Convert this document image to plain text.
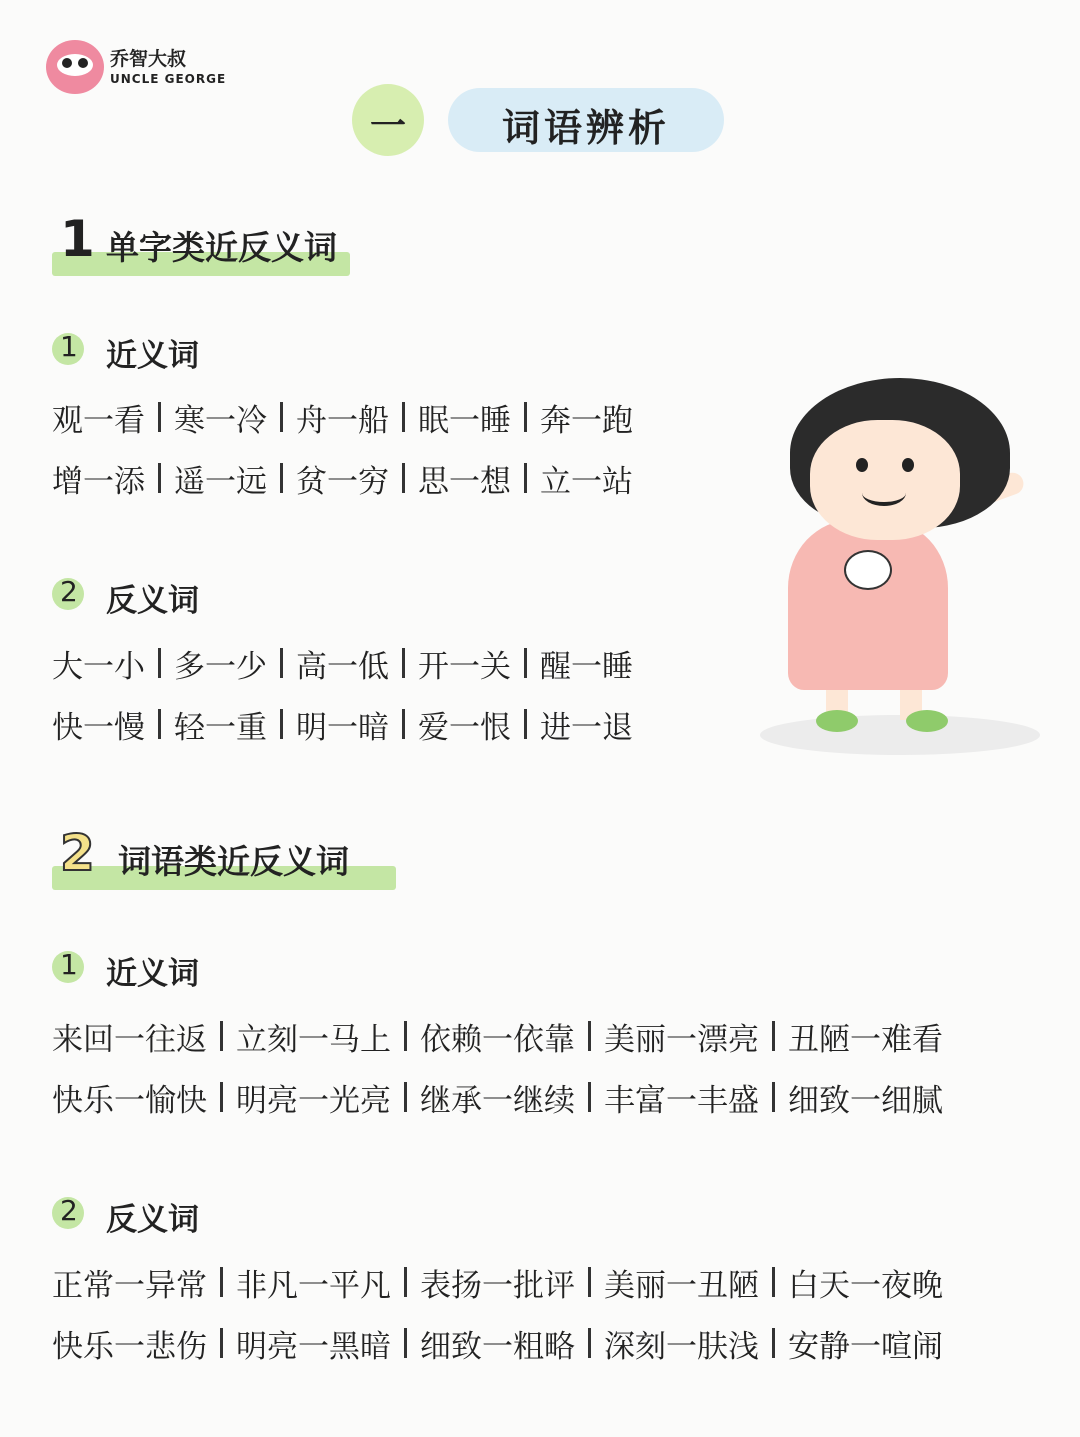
乔智大叔
UNCLE GEORGE
一	词语辨析
1 单字类近反义词
1 近义词
观一看 寒一冷 舟一船 眠一睡 奔一跑
增一添 遥一远 贫一穷 思一想 立一站
2 反义词
大一小 多一少 高一低 开一关 醒一睡
快一慢 轻一重 明一暗 爱一恨 进一退
2 词语类近反义词
1 近义词
来回一往返 立刻一马上 依赖一依靠 美丽一漂亮 丑陋一难看
快乐一愉快 明亮一光亮 继承一继续 丰富一丰盛 细致一细腻
2 反义词
正常一异常 非凡一平凡 表扬一批评 美丽一丑陋 白天一夜晚
快乐一悲伤 明亮一黑暗 细致一粗略 深刻一肤浅 安静一喧闹
